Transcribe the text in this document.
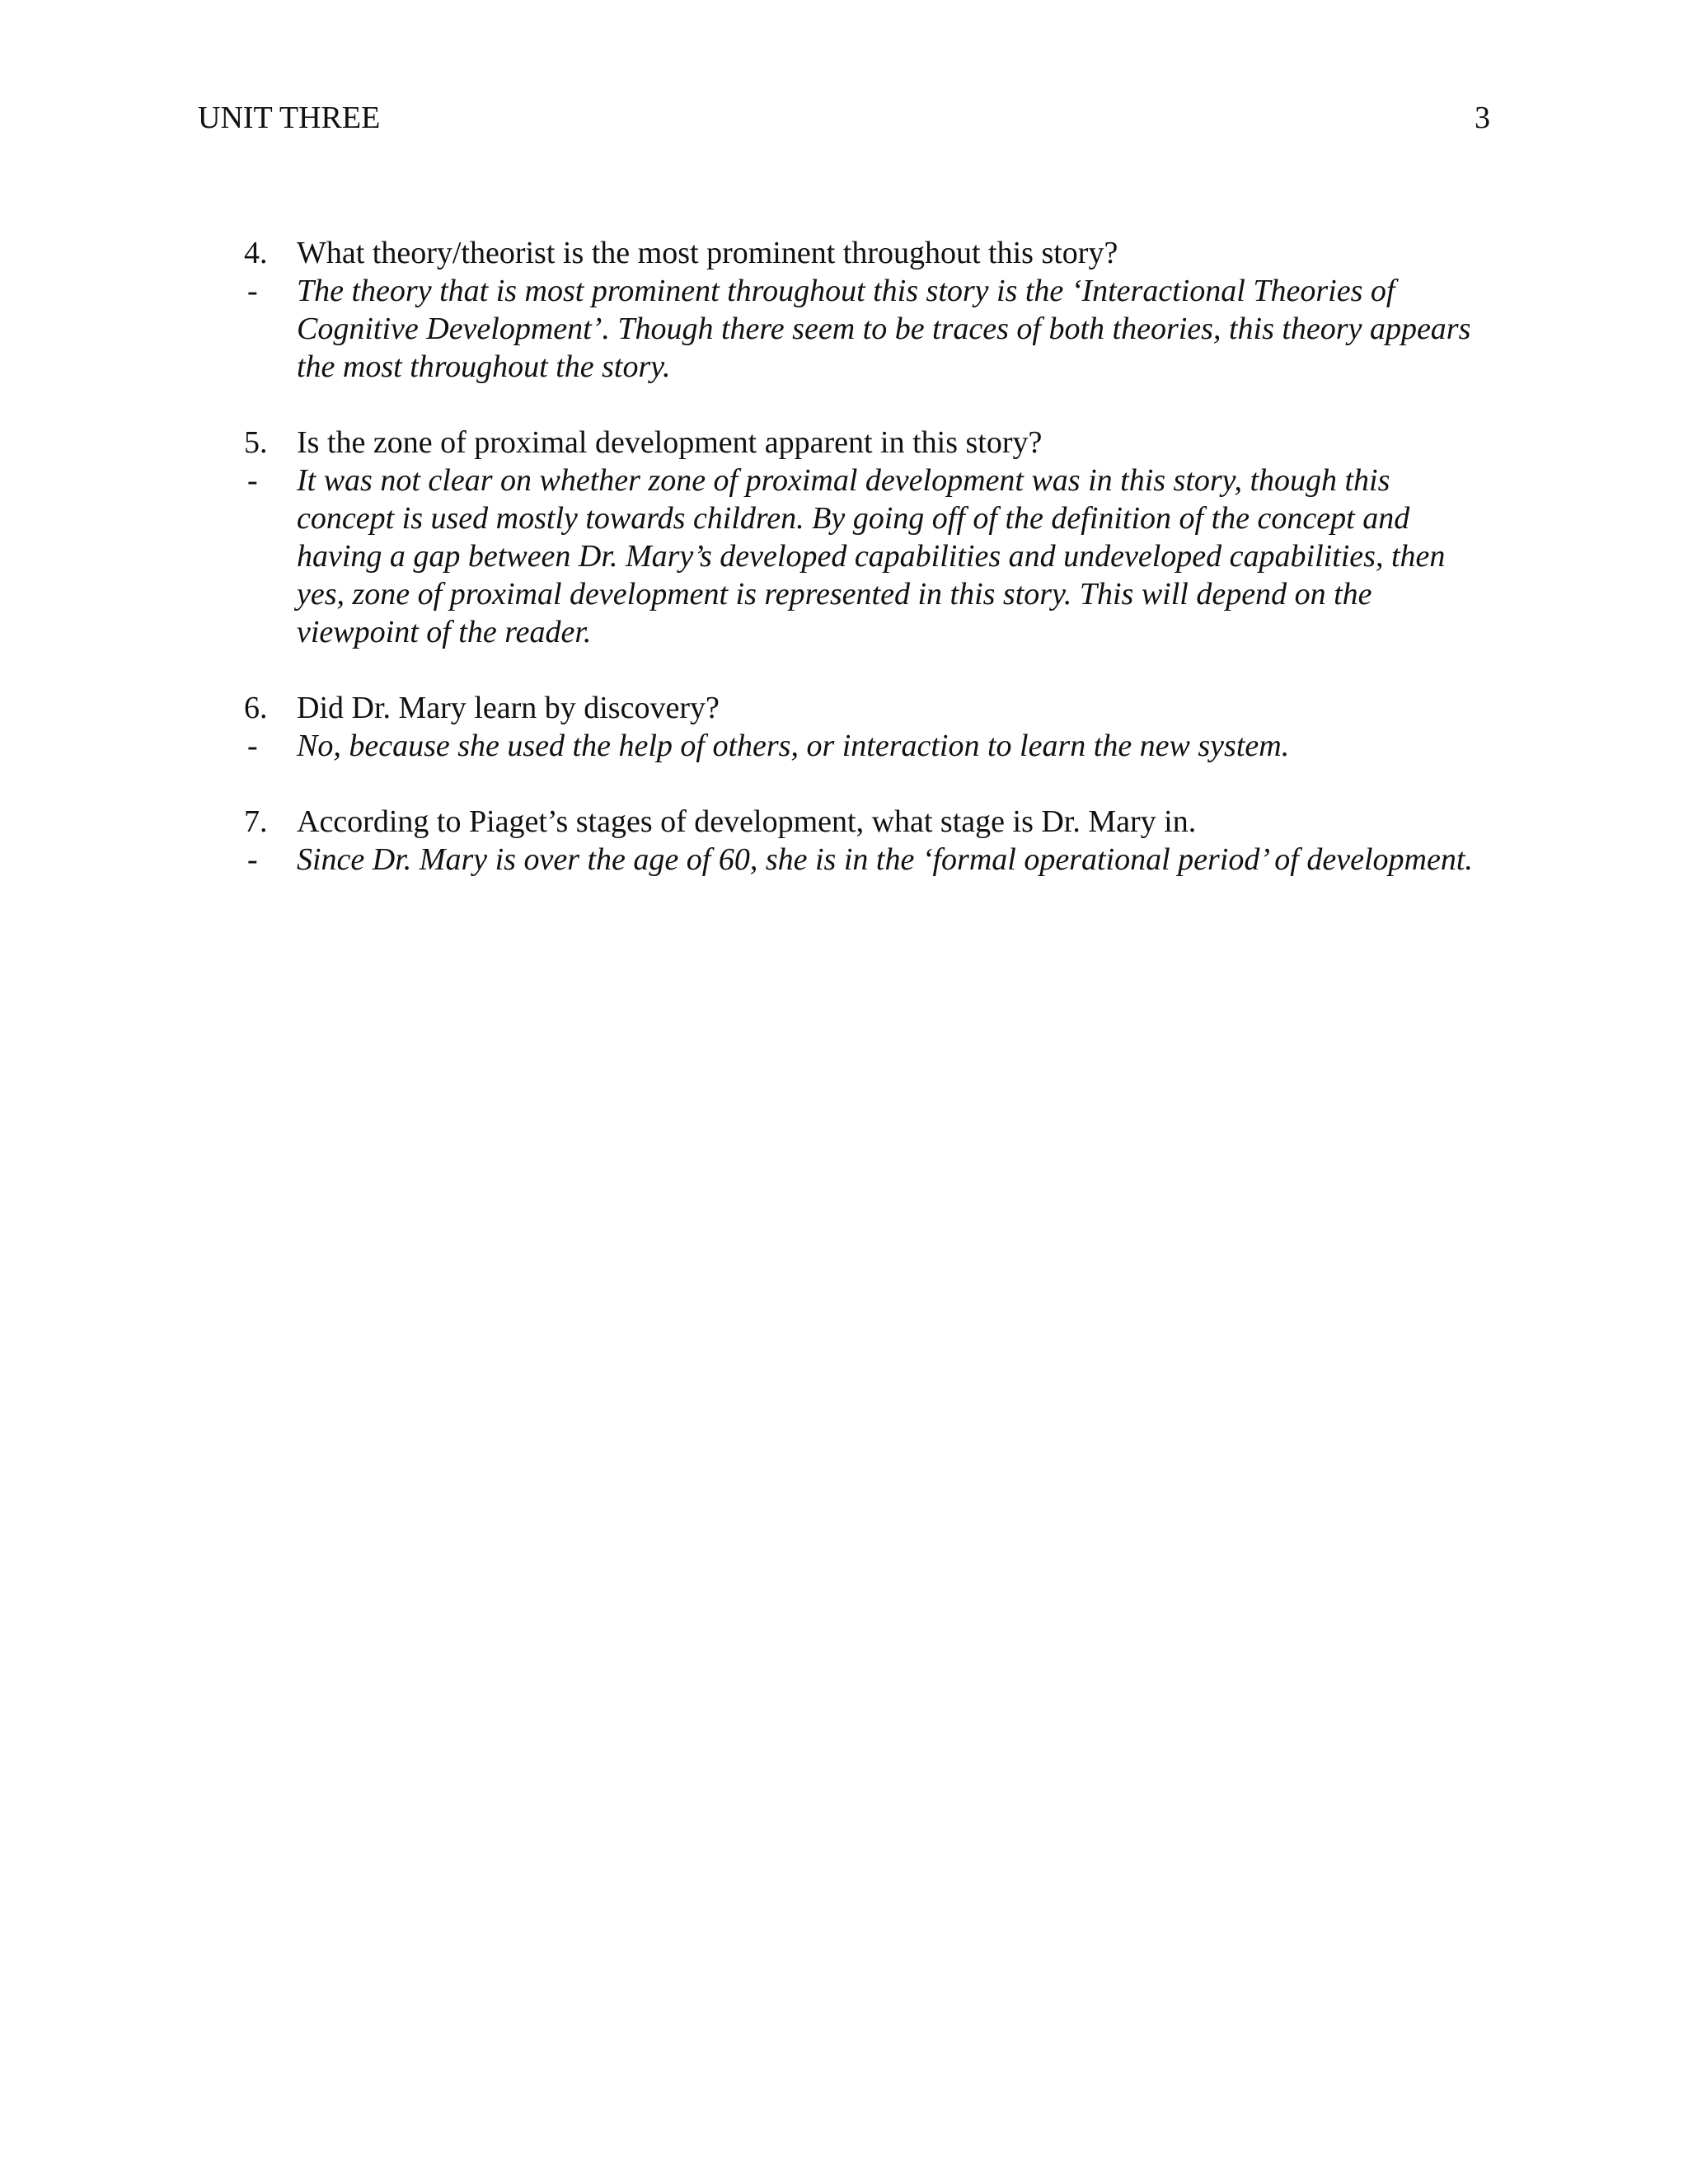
UNIT THREE	3
4. What theory/theorist is the most prominent throughout this story?
-	The theory that is most prominent throughout this story is the ‘Interactional Theories of Cognitive Development’. Though there seem to be traces of both theories, this theory appears the most throughout the story.
5. Is the zone of proximal development apparent in this story?
-	It was not clear on whether zone of proximal development was in this story, though this concept is used mostly towards children. By going off of the definition of the concept and having a gap between Dr. Mary’s developed capabilities and undeveloped capabilities, then yes, zone of proximal development is represented in this story. This will depend on the viewpoint of the reader.
6. Did Dr. Mary learn by discovery?
-	No, because she used the help of others, or interaction to learn the new system.
7. According to Piaget’s stages of development, what stage is Dr. Mary in.
-	Since Dr. Mary is over the age of 60, she is in the ‘formal operational period’ of development.
